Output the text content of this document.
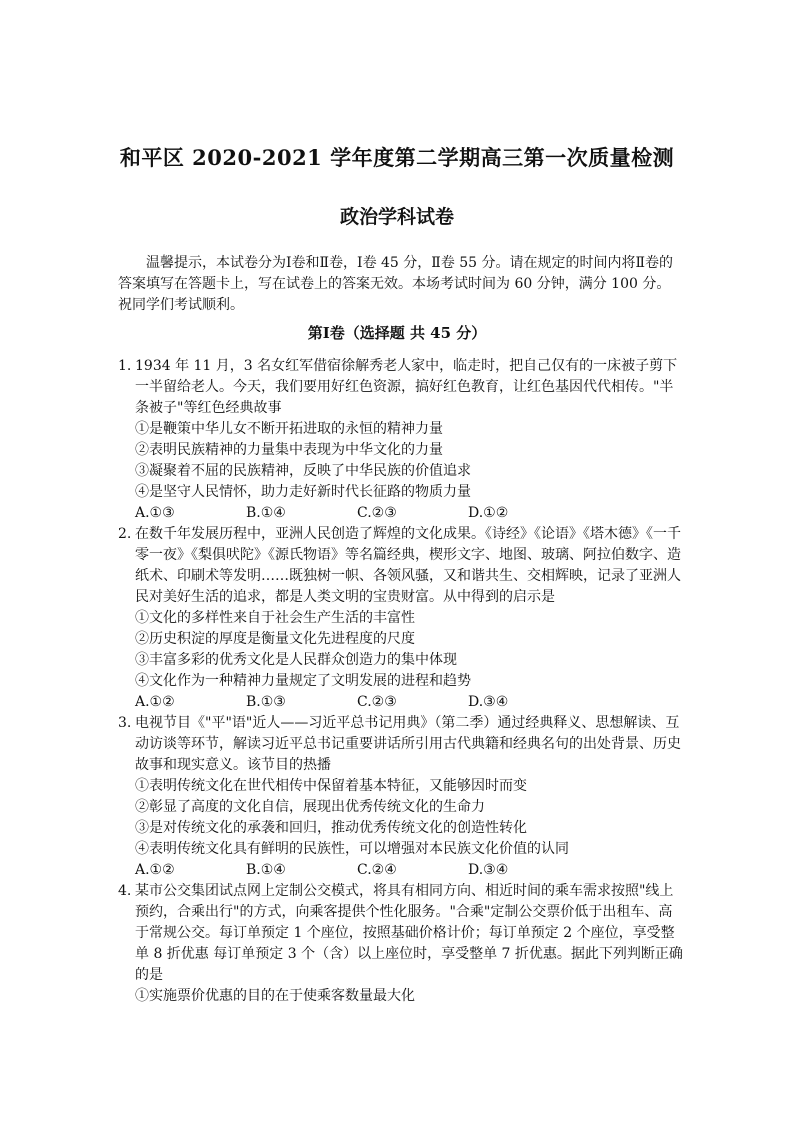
和平区 2020-2021 学年度第二学期高三第一次质量检测
政治学科试卷

温馨提示，本试卷分为Ⅰ卷和Ⅱ卷，Ⅰ卷 45 分，Ⅱ卷 55 分。请在规定的时间内将Ⅱ卷的答案填写在答题卡上，写在试卷上的答案无效。本场考试时间为 60 分钟，满分 100 分。祝同学们考试顺利。

第Ⅰ卷（选择题 共 45 分）

1. 1934 年 11 月，3 名女红军借宿徐解秀老人家中，临走时，把自己仅有的一床被子剪下一半留给老人。今天，我们要用好红色资源，搞好红色教育，让红色基因代代相传。"半条被子"等红色经典故事

①是鞭策中华儿女不断开拓进取的永恒的精神力量

②表明民族精神的力量集中表现为中华文化的力量

③凝聚着不屈的民族精神，反映了中华民族的价值追求

④是坚守人民情怀，助力走好新时代长征路的物质力量

A.①③	B.①④	C.②③	D.①②

2. 在数千年发展历程中，亚洲人民创造了辉煌的文化成果。《诗经》《论语》《塔木德》《一千零一夜》《梨俱吠陀》《源氏物语》等名篇经典，楔形文字、地图、玻璃、阿拉伯数字、造纸术、印刷术等发明……既独树一帜、各领风骚，又和谐共生、交相辉映，记录了亚洲人民对美好生活的追求，都是人类文明的宝贵财富。从中得到的启示是

①文化的多样性来自于社会生产生活的丰富性

②历史积淀的厚度是衡量文化先进程度的尺度

③丰富多彩的优秀文化是人民群众创造力的集中体现

④文化作为一种精神力量规定了文明发展的进程和趋势

A.①②	B.①③	C.②③	D.③④

3. 电视节目《"平"语"近人——习近平总书记用典》（第二季）通过经典释义、思想解读、互动访谈等环节，解读习近平总书记重要讲话所引用古代典籍和经典名句的出处背景、历史故事和现实意义。该节目的热播

①表明传统文化在世代相传中保留着基本特征，又能够因时而变

②彰显了高度的文化自信，展现出优秀传统文化的生命力

③是对传统文化的承袭和回归，推动优秀传统文化的创造性转化

④表明传统文化具有鲜明的民族性，可以增强对本民族文化价值的认同

A.①②	B.①④	C.②④	D.③④

4. 某市公交集团试点网上定制公交模式，将具有相同方向、相近时间的乘车需求按照"线上预约，合乘出行"的方式，向乘客提供个性化服务。"合乘"定制公交票价低于出租车、高于常规公交。每订单预定 1 个座位，按照基础价格计价；每订单预定 2 个座位，享受整单 8 折优惠 每订单预定 3 个（含）以上座位时，享受整单 7 折优惠。据此下列判断正确的是

①实施票价优惠的目的在于使乘客数量最大化
